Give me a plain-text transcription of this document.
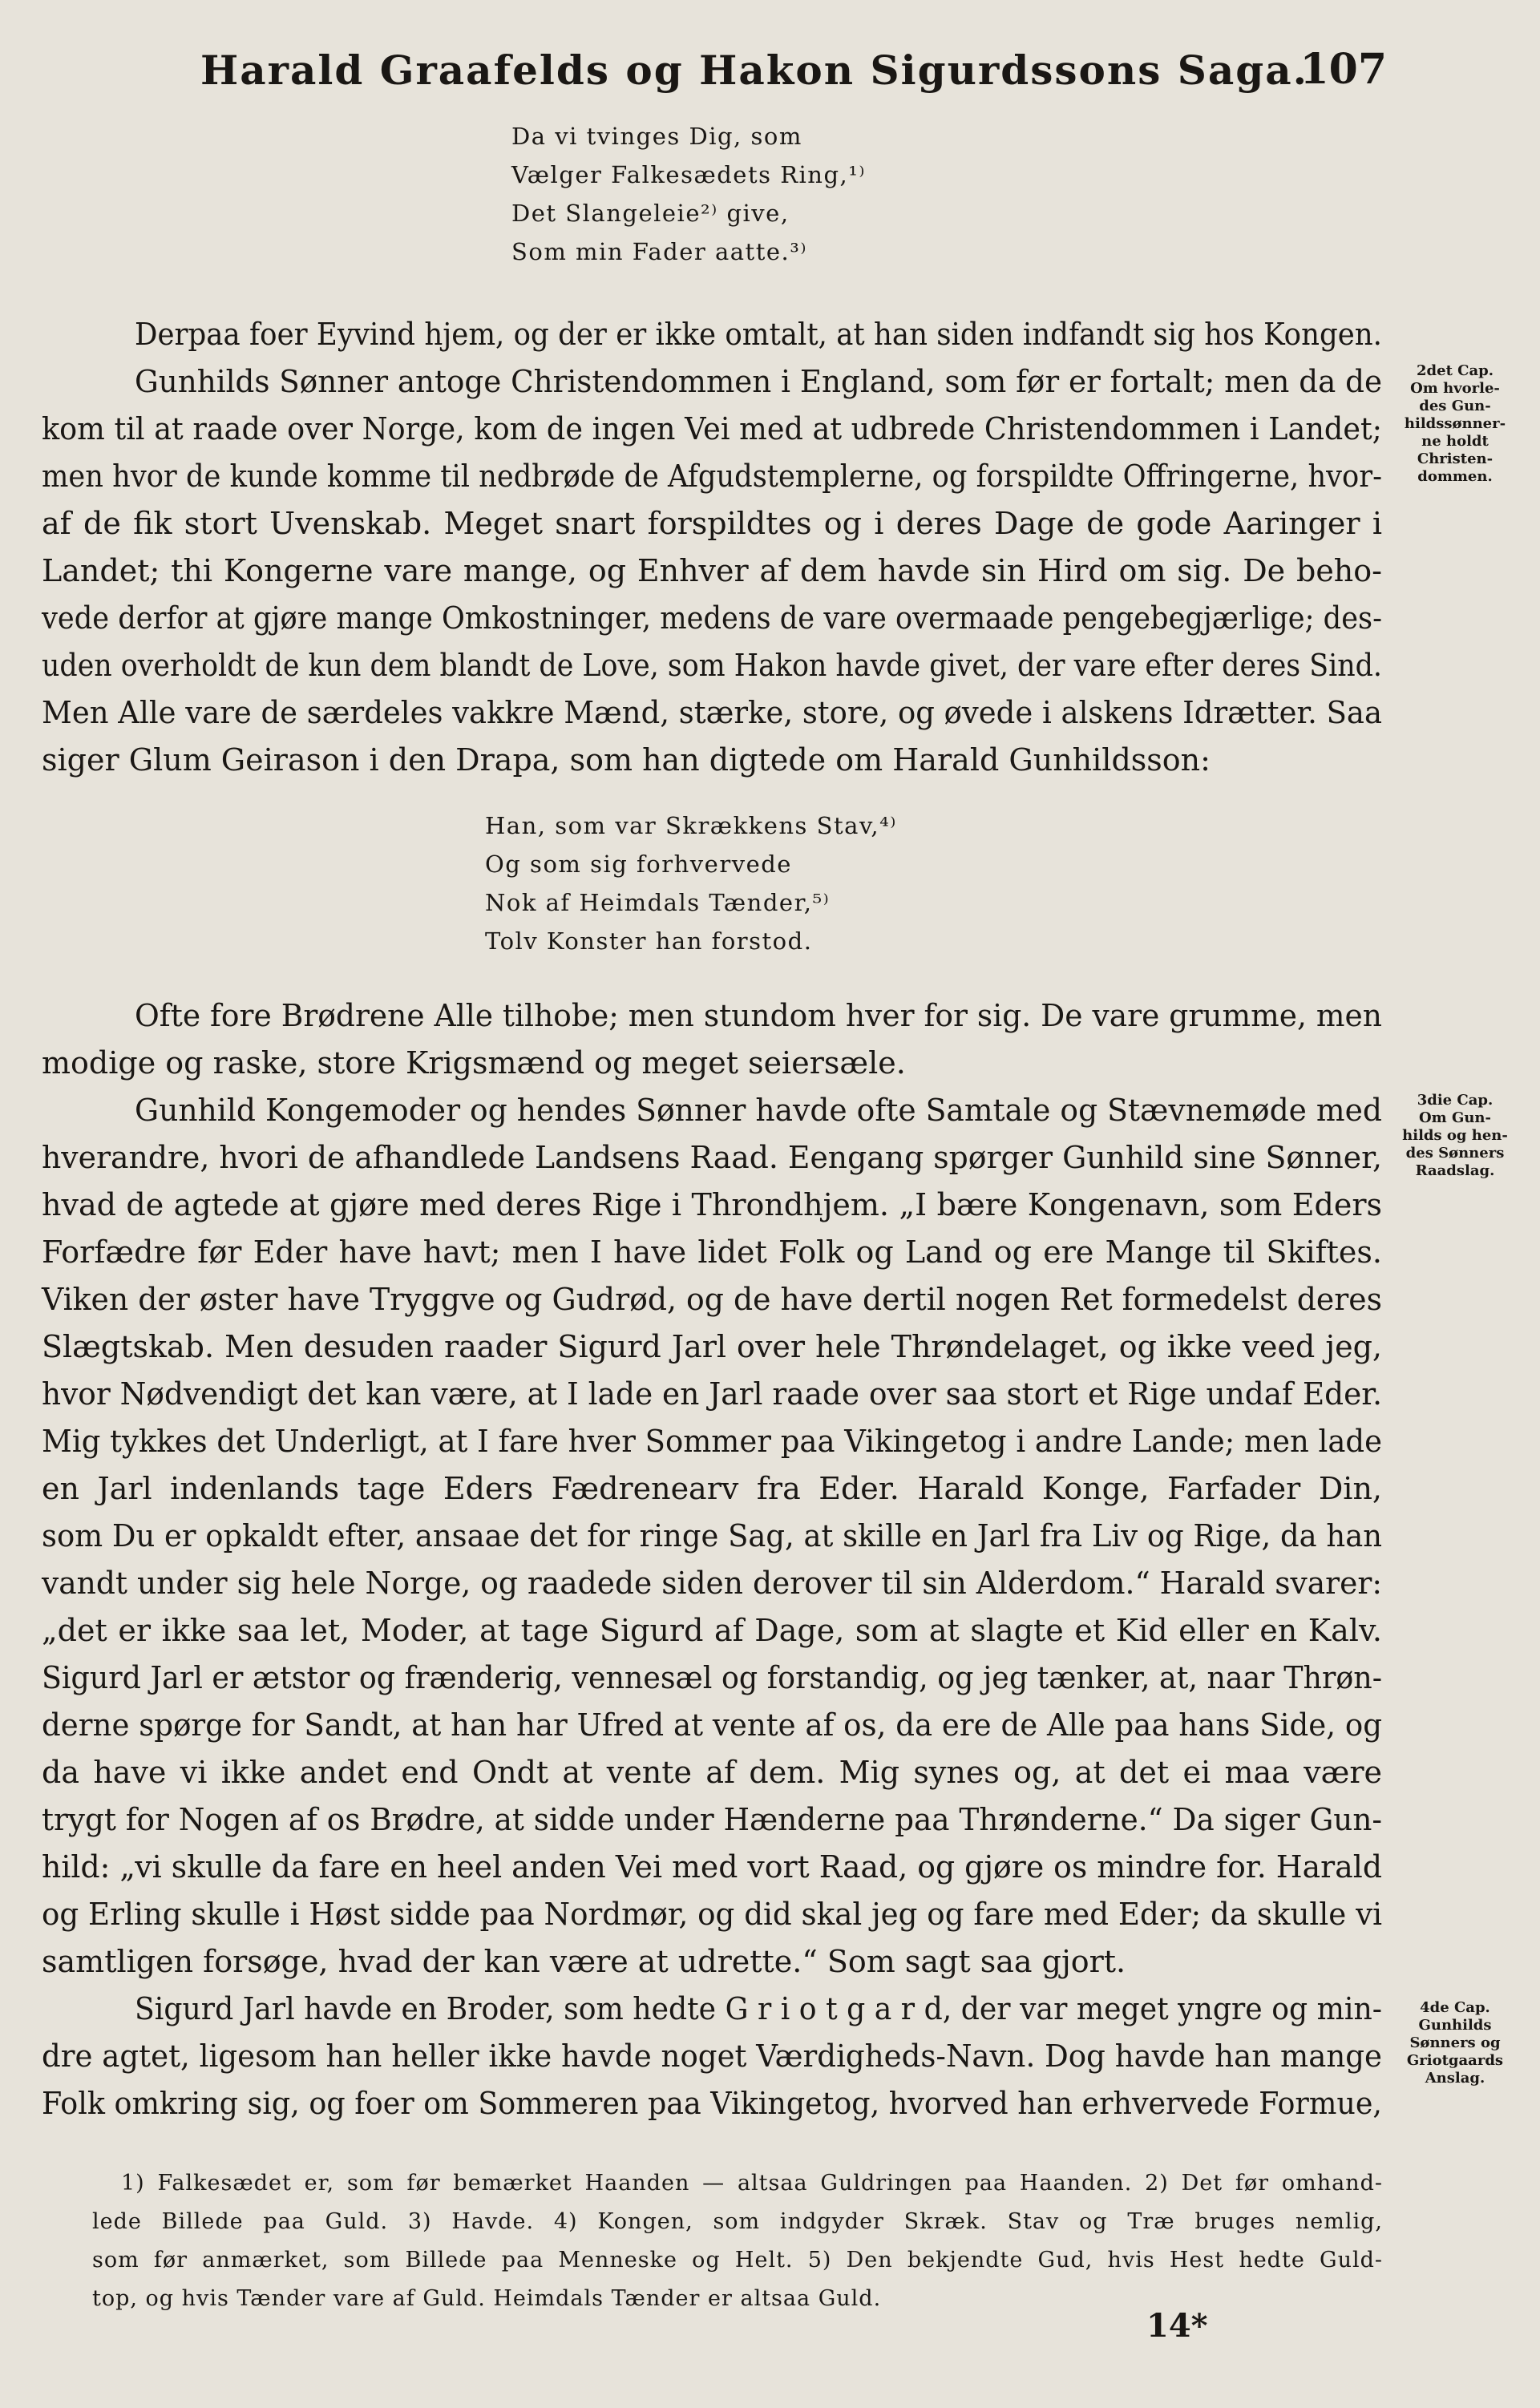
Harald Graafelds og Hakon Sigurdssons Saga.
107
Da vi tvinges Dig, som
Vælger Falkesædets Ring,¹⁾
Det Slangeleie²⁾ give,
Som min Fader aatte.³⁾
Derpaa foer Eyvind hjem, og der er ikke omtalt, at han siden indfandt sig hos Kongen.
Gunhilds Sønner antoge Christendommen i England, som før er fortalt; men da de
kom til at raade over Norge, kom de ingen Vei med at udbrede Christendommen i Landet;
men hvor de kunde komme til nedbrøde de Afgudstemplerne, og forspildte Offringerne, hvor-
af de fik stort Uvenskab. Meget snart forspildtes og i deres Dage de gode Aaringer i
Landet; thi Kongerne vare mange, og Enhver af dem havde sin Hird om sig. De beho-
vede derfor at gjøre mange Omkostninger, medens de vare overmaade pengebegjærlige; des-
uden overholdt de kun dem blandt de Love, som Hakon havde givet, der vare efter deres Sind.
Men Alle vare de særdeles vakkre Mænd, stærke, store, og øvede i alskens Idrætter. Saa
siger Glum Geirason i den Drapa, som han digtede om Harald Gunhildsson:
Han, som var Skrækkens Stav,⁴⁾
Og som sig forhvervede
Nok af Heimdals Tænder,⁵⁾
Tolv Konster han forstod.
Ofte fore Brødrene Alle tilhobe; men stundom hver for sig. De vare grumme, men
modige og raske, store Krigsmænd og meget seiersæle.
Gunhild Kongemoder og hendes Sønner havde ofte Samtale og Stævnemøde med
hverandre, hvori de afhandlede Landsens Raad. Eengang spørger Gunhild sine Sønner,
hvad de agtede at gjøre med deres Rige i Throndhjem. „I bære Kongenavn, som Eders
Forfædre før Eder have havt; men I have lidet Folk og Land og ere Mange til Skiftes.
Viken der øster have Tryggve og Gudrød, og de have dertil nogen Ret formedelst deres
Slægtskab. Men desuden raader Sigurd Jarl over hele Thrøndelaget, og ikke veed jeg,
hvor Nødvendigt det kan være, at I lade en Jarl raade over saa stort et Rige undaf Eder.
Mig tykkes det Underligt, at I fare hver Sommer paa Vikingetog i andre Lande; men lade
en Jarl indenlands tage Eders Fædrenearv fra Eder. Harald Konge, Farfader Din,
som Du er opkaldt efter, ansaae det for ringe Sag, at skille en Jarl fra Liv og Rige, da han
vandt under sig hele Norge, og raadede siden derover til sin Alderdom.“ Harald svarer:
„det er ikke saa let, Moder, at tage Sigurd af Dage, som at slagte et Kid eller en Kalv.
Sigurd Jarl er ætstor og frænderig, vennesæl og forstandig, og jeg tænker, at, naar Thrøn-
derne spørge for Sandt, at han har Ufred at vente af os, da ere de Alle paa hans Side, og
da have vi ikke andet end Ondt at vente af dem. Mig synes og, at det ei maa være
trygt for Nogen af os Brødre, at sidde under Hænderne paa Thrønderne.“ Da siger Gun-
hild: „vi skulle da fare en heel anden Vei med vort Raad, og gjøre os mindre for. Harald
og Erling skulle i Høst sidde paa Nordmør, og did skal jeg og fare med Eder; da skulle vi
samtligen forsøge, hvad der kan være at udrette.“ Som sagt saa gjort.
Sigurd Jarl havde en Broder, som hedte G r i o t g a r d, der var meget yngre og min-
dre agtet, ligesom han heller ikke havde noget Værdigheds-Navn. Dog havde han mange
Folk omkring sig, og foer om Sommeren paa Vikingetog, hvorved han erhvervede Formue,
2det Cap.
Om hvorle-
des Gun-
hildssønner-
ne holdt
Christen-
dommen.
3die Cap.
Om Gun-
hilds og hen-
des Sønners
Raadslag.
4de Cap.
Gunhilds
Sønners og
Griotgaards
Anslag.
1) Falkesædet er, som før bemærket Haanden — altsaa Guldringen paa Haanden. 2) Det før omhand-
lede Billede paa Guld. 3) Havde. 4) Kongen, som indgyder Skræk. Stav og Træ bruges nemlig,
som før anmærket, som Billede paa Menneske og Helt. 5) Den bekjendte Gud, hvis Hest hedte Guld-
top, og hvis Tænder vare af Guld. Heimdals Tænder er altsaa Guld.
14*
